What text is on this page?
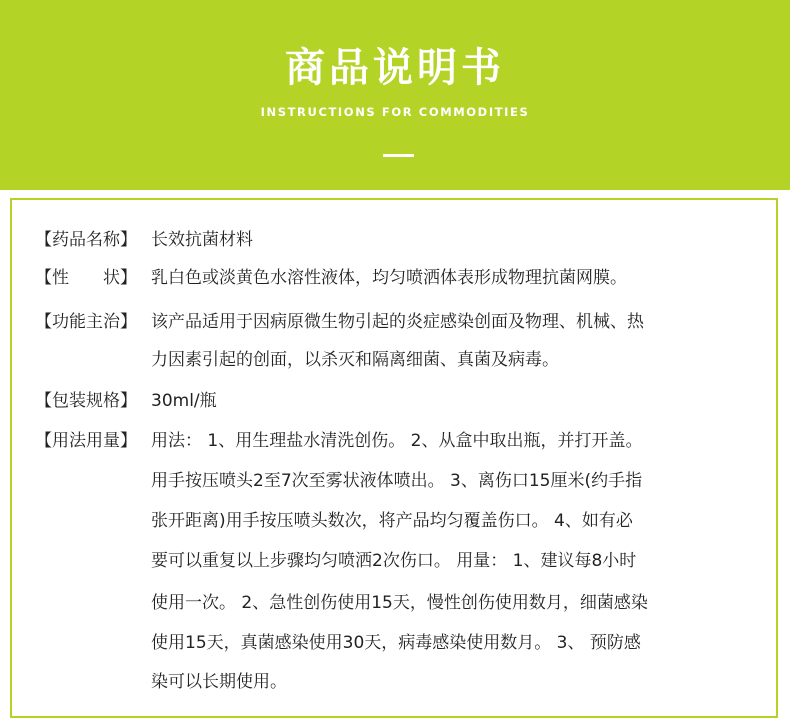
商品说明书
INSTRUCTIONS FOR COMMODITIES
【药品名称】 长效抗菌材料
【性　　状】 乳白色或淡黄色水溶性液体，均匀喷洒体表形成物理抗菌网膜。
【功能主治】 该产品适用于因病原微生物引起的炎症感染创面及物理、机械、热
力因素引起的创面，以杀灭和隔离细菌、真菌及病毒。
【包装规格】 30ml/瓶
【用法用量】 用法： 1、用生理盐水清洗创伤。 2、从盒中取出瓶，并打开盖。
用手按压喷头2至7次至雾状液体喷出。 3、离伤口15厘米(约手指
张开距离)用手按压喷头数次，将产品均匀覆盖伤口。 4、如有必
要可以重复以上步骤均匀喷洒2次伤口。 用量： 1、建议每8小时
使用一次。 2、急性创伤使用15天，慢性创伤使用数月，细菌感染
使用15天，真菌感染使用30天，病毒感染使用数月。 3、 预防感
染可以长期使用。
